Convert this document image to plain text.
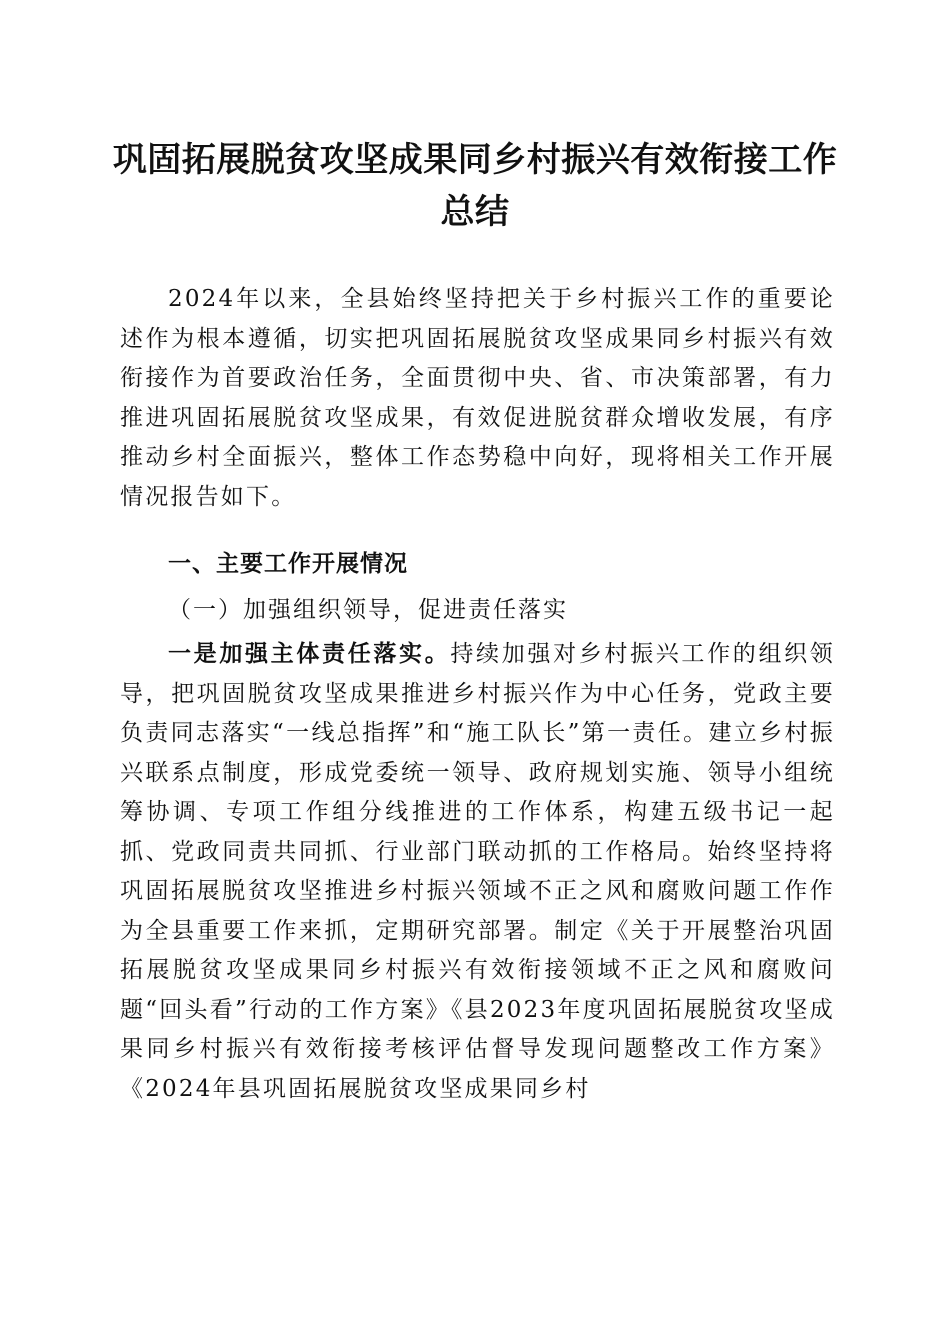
巩固拓展脱贫攻坚成果同乡村振兴有效衔接工作总结

2024年以来，全县始终坚持把关于乡村振兴工作的重要论述作为根本遵循，切实把巩固拓展脱贫攻坚成果同乡村振兴有效衔接作为首要政治任务，全面贯彻中央、省、市决策部署，有力推进巩固拓展脱贫攻坚成果，有效促进脱贫群众增收发展，有序推动乡村全面振兴，整体工作态势稳中向好，现将相关工作开展情况报告如下。

一、主要工作开展情况

（一）加强组织领导，促进责任落实

一是加强主体责任落实。持续加强对乡村振兴工作的组织领导，把巩固脱贫攻坚成果推进乡村振兴作为中心任务，党政主要负责同志落实“一线总指挥”和“施工队长”第一责任。建立乡村振兴联系点制度，形成党委统一领导、政府规划实施、领导小组统筹协调、专项工作组分线推进的工作体系，构建五级书记一起抓、党政同责共同抓、行业部门联动抓的工作格局。始终坚持将巩固拓展脱贫攻坚推进乡村振兴领域不正之风和腐败问题工作作为全县重要工作来抓，定期研究部署。制定《关于开展整治巩固拓展脱贫攻坚成果同乡村振兴有效衔接领域不正之风和腐败问题“回头看”行动的工作方案》《县2023年度巩固拓展脱贫攻坚成果同乡村振兴有效衔接考核评估督导发现问题整改工作方案》《2024年县巩固拓展脱贫攻坚成果同乡村
